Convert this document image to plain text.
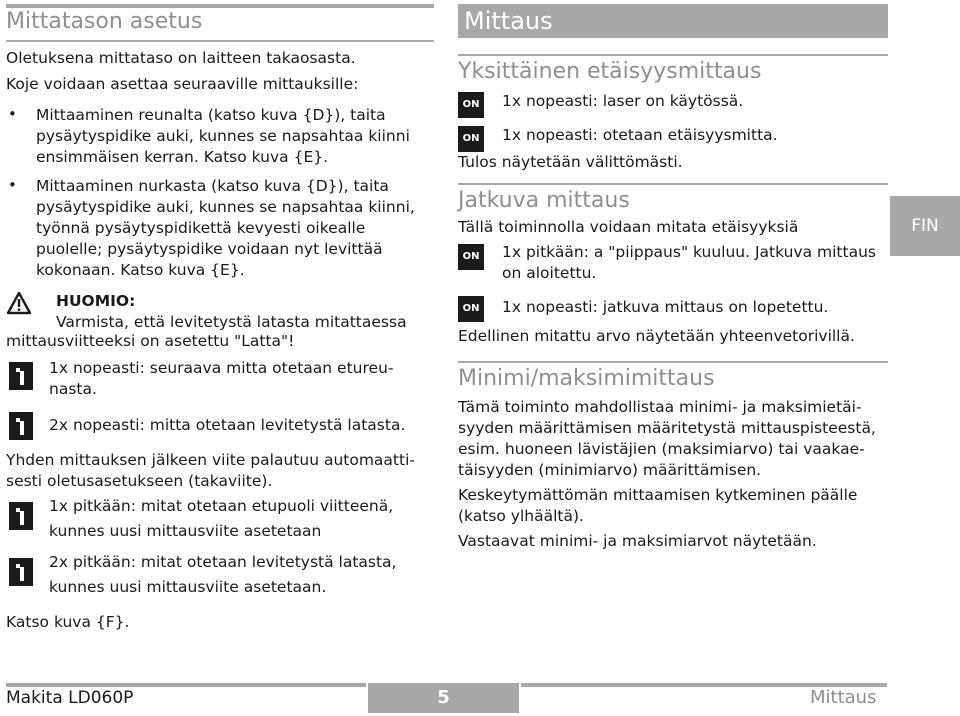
Mittatason asetus
Oletuksena mittataso on laitteen takaosasta.
Koje voidaan asettaa seuraaville mittauksille:
• Mittaaminen reunalta (katso kuva {D}), taita
pysäytyspidike auki, kunnes se napsahtaa kiinni
ensimmäisen kerran. Katso kuva {E}.
• Mittaaminen nurkasta (katso kuva {D}), taita
pysäytyspidike auki, kunnes se napsahtaa kiinni,
työnnä pysäytyspidikettä kevyesti oikealle
puolelle; pysäytyspidike voidaan nyt levittää
kokonaan. Katso kuva {E}.
HUOMIO:
Varmista, että levitetystä latasta mitattaessa
mittausviitteeksi on asetettu "Latta"!
1x nopeasti: seuraava mitta otetaan etureu-
nasta.
2x nopeasti: mitta otetaan levitetystä latasta.
Yhden mittauksen jälkeen viite palautuu automaatti-
sesti oletusasetukseen (takaviite).
1x pitkään: mitat otetaan etupuoli viitteenä,
kunnes uusi mittausviite asetetaan
2x pitkään: mitat otetaan levitetystä latasta,
kunnes uusi mittausviite asetetaan.
Katso kuva {F}.
Mittaus
Yksittäinen etäisyysmittaus
ON 1x nopeasti: laser on käytössä.
ON 1x nopeasti: otetaan etäisyysmitta.
Tulos näytetään välittömästi.
Jatkuva mittaus
Tällä toiminnolla voidaan mitata etäisyyksiä
ON 1x pitkään: a "piippaus" kuuluu. Jatkuva mittaus
on aloitettu.
ON 1x nopeasti: jatkuva mittaus on lopetettu.
Edellinen mitattu arvo näytetään yhteenvetorivillä.
Minimi/maksimimittaus
Tämä toiminto mahdollistaa minimi- ja maksimietäi-
syyden määrittämisen määritetystä mittauspisteestä,
esim. huoneen lävistäjien (maksimiarvo) tai vaakae-
täisyyden (minimiarvo) määrittämisen.
Keskeytymättömän mittaamisen kytkeminen päälle
(katso ylhäältä).
Vastaavat minimi- ja maksimiarvot näytetään.
FIN
Makita LD060P	5	Mittaus
